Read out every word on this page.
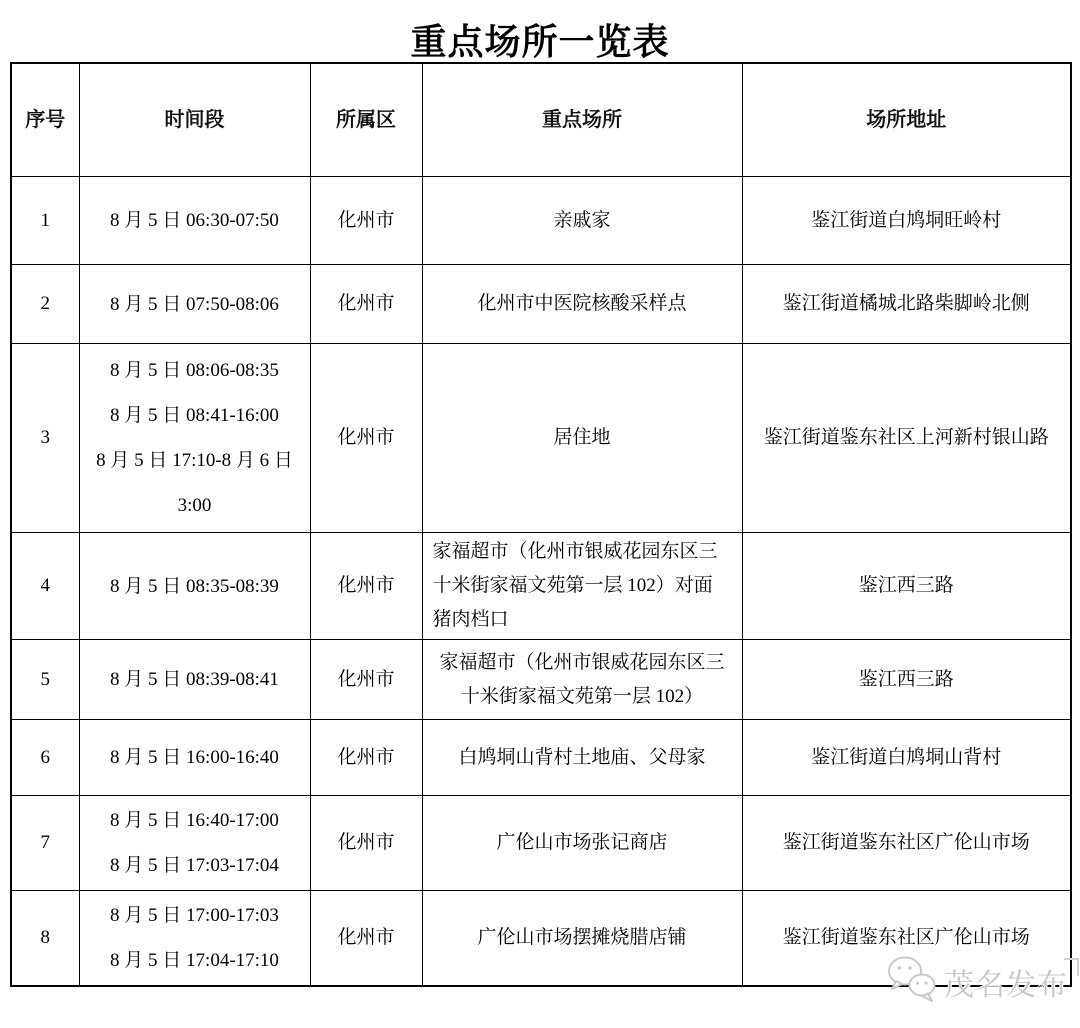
重点场所一览表
序号	时间段	所属区	重点场所	场所地址
1	8 月 5 日 06:30-07:50	化州市	亲戚家	鉴江街道白鸠垌旺岭村
2	8 月 5 日 07:50-08:06	化州市	化州市中医院核酸采样点	鉴江街道橘城北路柴脚岭北侧
3	8 月 5 日 08:06-08:35
8 月 5 日 08:41-16:00
8 月 5 日 17:10-8 月 6 日
3:00	化州市	居住地	鉴江街道鉴东社区上河新村银山路
4	8 月 5 日 08:35-08:39	化州市	家福超市（化州市银威花园东区三
十米街家福文苑第一层 102）对面
猪肉档口	鉴江西三路
5	8 月 5 日 08:39-08:41	化州市	家福超市（化州市银威花园东区三
十米街家福文苑第一层 102）	鉴江西三路
6	8 月 5 日 16:00-16:40	化州市	白鸠垌山背村土地庙、父母家	鉴江街道白鸠垌山背村
7	8 月 5 日 16:40-17:00
8 月 5 日 17:03-17:04	化州市	广伦山市场张记商店	鉴江街道鉴东社区广伦山市场
8	8 月 5 日 17:00-17:03
8 月 5 日 17:04-17:10	化州市	广伦山市场摆摊烧腊店铺	鉴江街道鉴东社区广伦山市场
茂名发布
